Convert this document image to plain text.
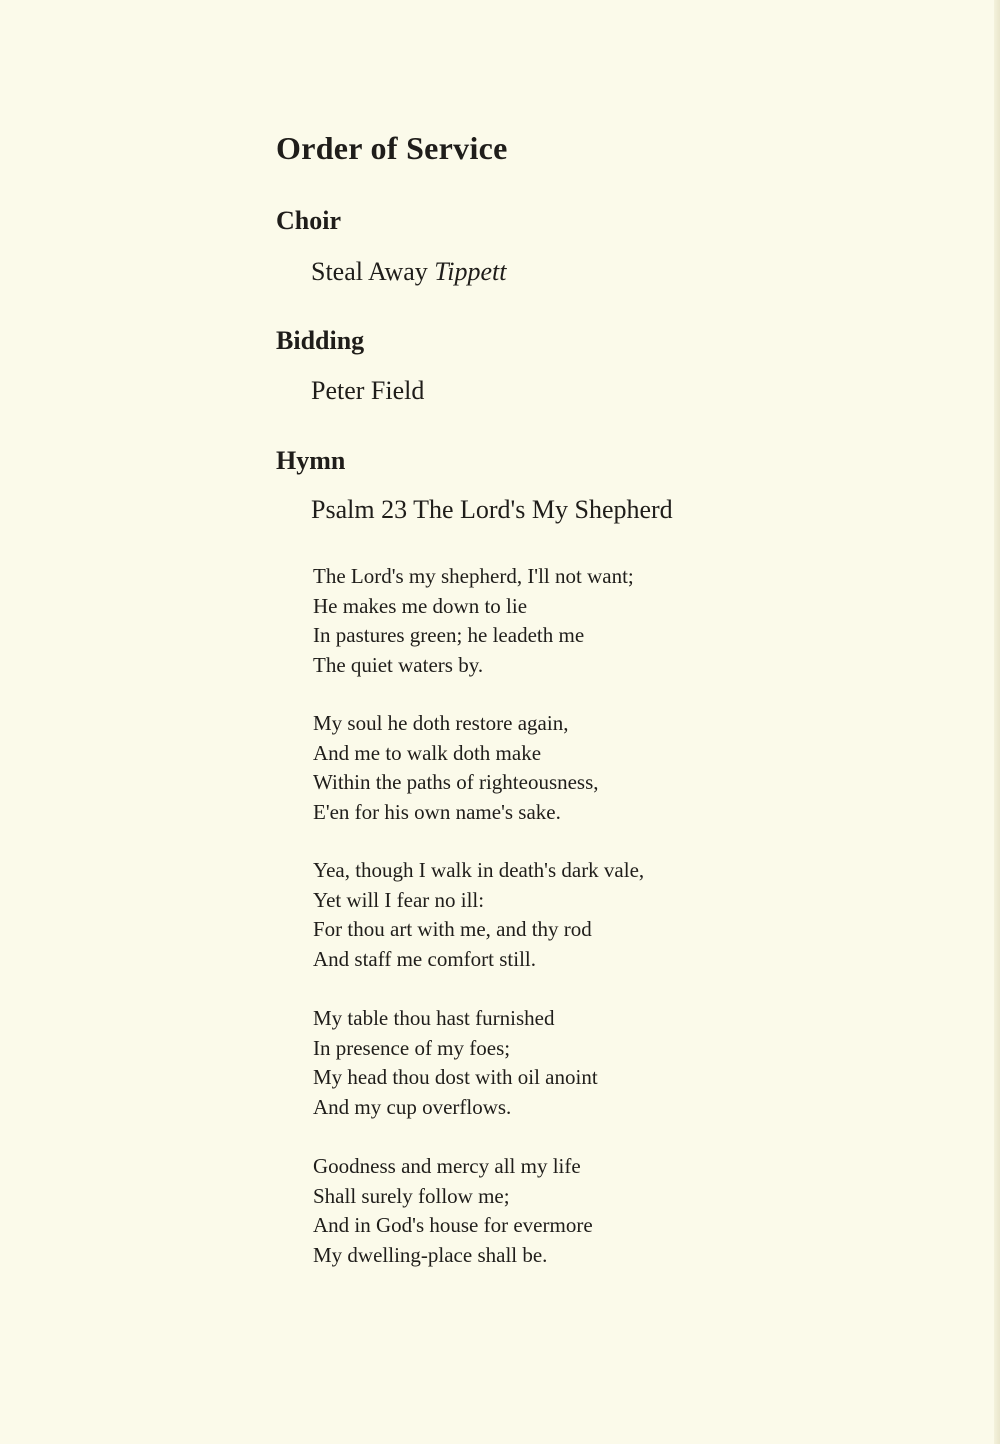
Order of Service
Choir

Steal Away Tippett

Bidding

Peter Field

Hymn

Psalm 23 The Lord's My Shepherd

The Lord's my shepherd, I'll not want;
He makes me down to lie
In pastures green; he leadeth me
The quiet waters by.
My soul he doth restore again,
And me to walk doth make
Within the paths of righteousness,
E'en for his own name's sake.
Yea, though I walk in death's dark vale,
Yet will I fear no ill:
For thou art with me, and thy rod
And staff me comfort still.
My table thou hast furnished
In presence of my foes;
My head thou dost with oil anoint
And my cup overflows.
Goodness and mercy all my life
Shall surely follow me;
And in God's house for evermore
My dwelling-place shall be.
